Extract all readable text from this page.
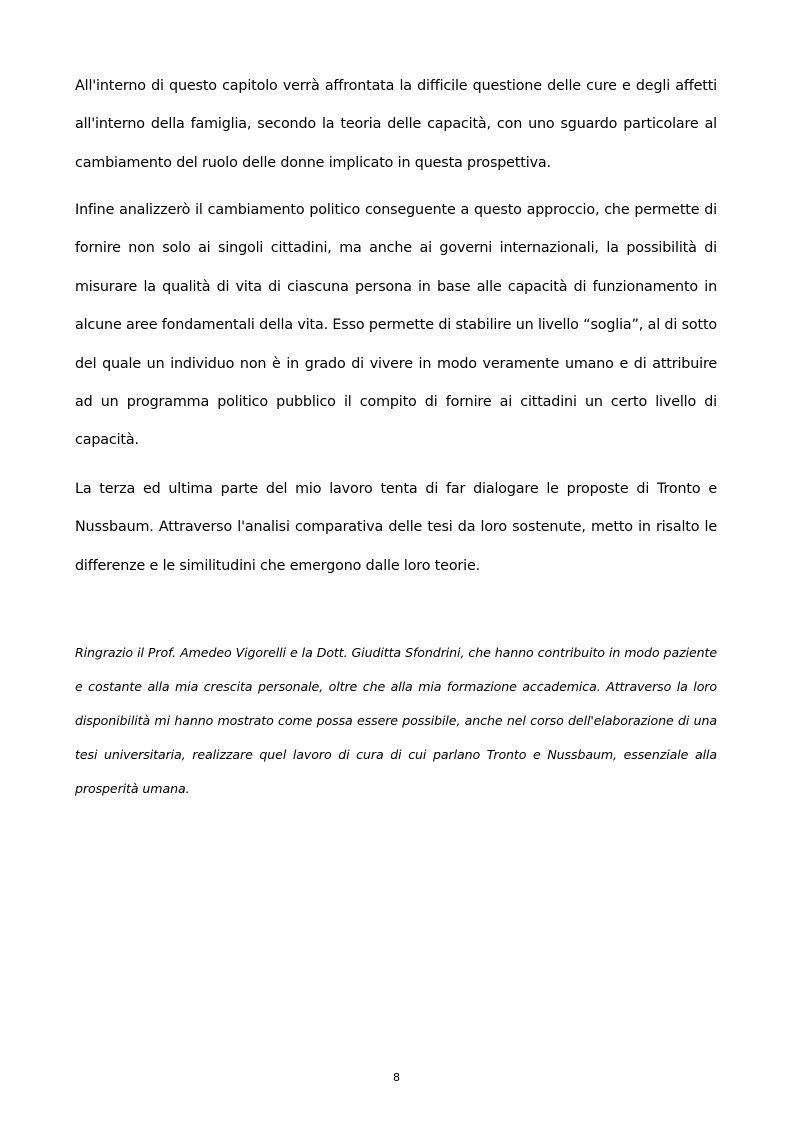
All'interno di questo capitolo verrà affrontata la difficile questione delle cure e degli affetti all'interno della famiglia, secondo la teoria delle capacità, con uno sguardo particolare al cambiamento del ruolo delle donne implicato in questa prospettiva.

Infine analizzerò il cambiamento politico conseguente a questo approccio, che permette di fornire non solo ai singoli cittadini, ma anche ai governi internazionali, la possibilità di misurare la qualità di vita di ciascuna persona in base alle capacità di funzionamento in alcune aree fondamentali della vita. Esso permette di stabilire un livello “soglia”, al di sotto del quale un individuo non è in grado di vivere in modo veramente umano e di attribuire ad un programma politico pubblico il compito di fornire ai cittadini un certo livello di capacità.

La terza ed ultima parte del mio lavoro tenta di far dialogare le proposte di Tronto e Nussbaum. Attraverso l'analisi comparativa delle tesi da loro sostenute, metto in risalto le differenze e le similitudini che emergono dalle loro teorie.

Ringrazio il Prof. Amedeo Vigorelli e la Dott. Giuditta Sfondrini, che hanno contribuito in modo paziente e costante alla mia crescita personale, oltre che alla mia formazione accademica. Attraverso la loro disponibilità mi hanno mostrato come possa essere possibile, anche nel corso dell'elaborazione di una tesi universitaria, realizzare quel lavoro di cura di cui parlano Tronto e Nussbaum, essenziale alla prosperità umana.

8
